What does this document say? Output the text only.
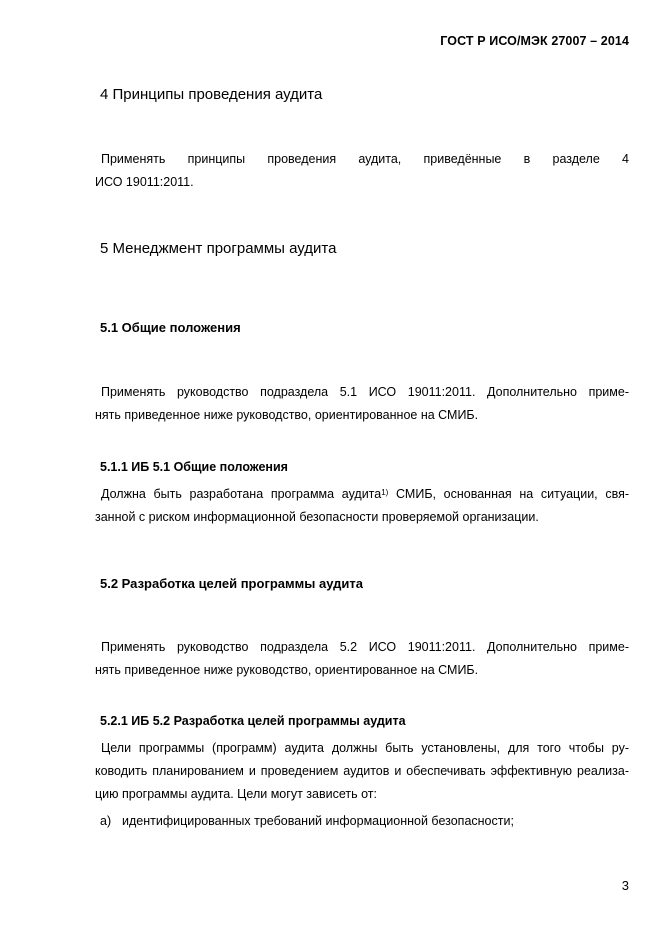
ГОСТ Р ИСО/МЭК 27007 – 2014
4 Принципы проведения аудита
Применять принципы проведения аудита, приведённые в разделе 4
ИСО 19011:2011.
5 Менеджмент программы аудита
5.1 Общие положения
Применять руководство подраздела 5.1 ИСО 19011:2011. Дополнительно приме-
нять приведенное ниже руководство, ориентированное на СМИБ.
5.1.1 ИБ 5.1 Общие положения
Должна быть разработана программа аудита$^{1)}$ СМИБ, основанная на ситуации, свя-
занной с риском информационной безопасности проверяемой организации.
5.2 Разработка целей программы аудита
Применять руководство подраздела 5.2 ИСО 19011:2011. Дополнительно приме-
нять приведенное ниже руководство, ориентированное на СМИБ.
5.2.1 ИБ 5.2 Разработка целей программы аудита
Цели программы (программ) аудита должны быть установлены, для того чтобы ру-
ководить планированием и проведением аудитов и обеспечивать эффективную реализа-
цию программы аудита. Цели могут зависеть от:
а) идентифицированных требований информационной безопасности;
3
